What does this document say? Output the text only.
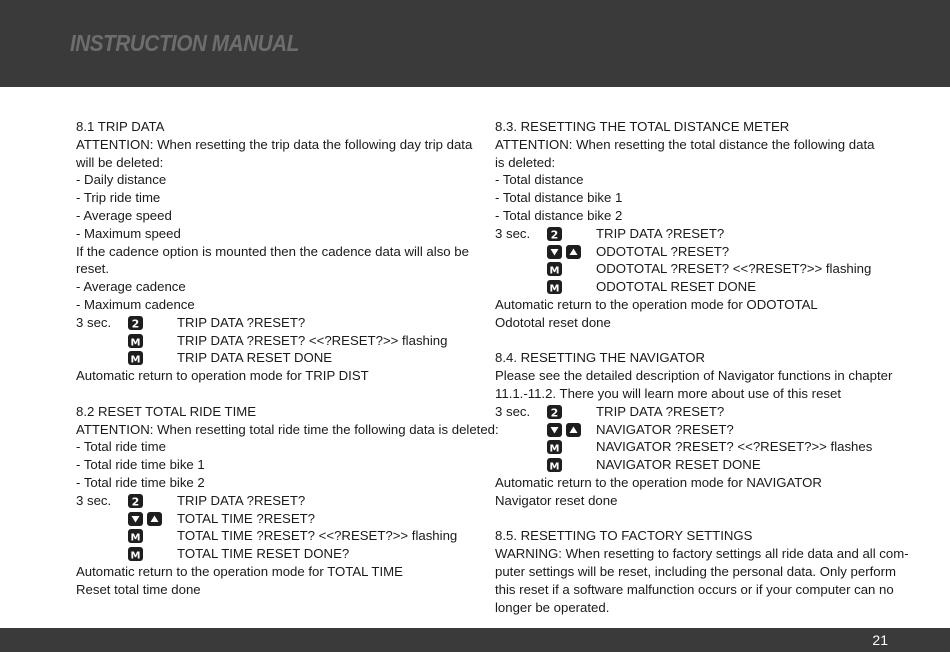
INSTRUCTION MANUAL
8.1 TRIP DATA
ATTENTION: When resetting the trip data the following day trip data will be deleted:
- Daily distance
- Trip ride time
- Average speed
- Maximum speed
If the cadence option is mounted then the cadence data will also be reset.
- Average cadence
- Maximum cadence
3 sec. 2	TRIP DATA ?RESET?
M	TRIP DATA ?RESET? <<?RESET?>> flashing
M	TRIP DATA RESET DONE
Automatic return to operation mode for TRIP DIST
8.2 RESET TOTAL RIDE TIME
ATTENTION: When resetting total ride time the following data is deleted:
- Total ride time
- Total ride time bike 1
- Total ride time bike 2
3 sec. 2	TRIP DATA ?RESET?
TOTAL TIME ?RESET?
M	TOTAL TIME ?RESET? <<?RESET?>> flashing
M	TOTAL TIME RESET DONE?
Automatic return to the operation mode for TOTAL TIME
Reset total time done
8.3. RESETTING THE TOTAL DISTANCE METER
ATTENTION: When resetting the total distance the following data is deleted:
- Total distance
- Total distance bike 1
- Total distance bike 2
3 sec. 2	TRIP DATA ?RESET?
ODOTOTAL ?RESET?
M	ODOTOTAL ?RESET? <<?RESET?>> flashing
M	ODOTOTAL RESET DONE
Automatic return to the operation mode for ODOTOTAL
Odototal reset done
8.4. RESETTING THE NAVIGATOR
Please see the detailed description of Navigator functions in chapter
11.1.-11.2. There you will learn more about use of this reset
3 sec. 2	TRIP DATA ?RESET?
NAVIGATOR ?RESET?
M	NAVIGATOR ?RESET? <<?RESET?>> flashes
M	NAVIGATOR RESET DONE
Automatic return to the operation mode for NAVIGATOR
Navigator reset done
8.5. RESETTING TO FACTORY SETTINGS
WARNING: When resetting to factory settings all ride data and all com-
puter settings will be reset, including the personal data. Only perform
this reset if a software malfunction occurs or if your computer can no
longer be operated.
21
